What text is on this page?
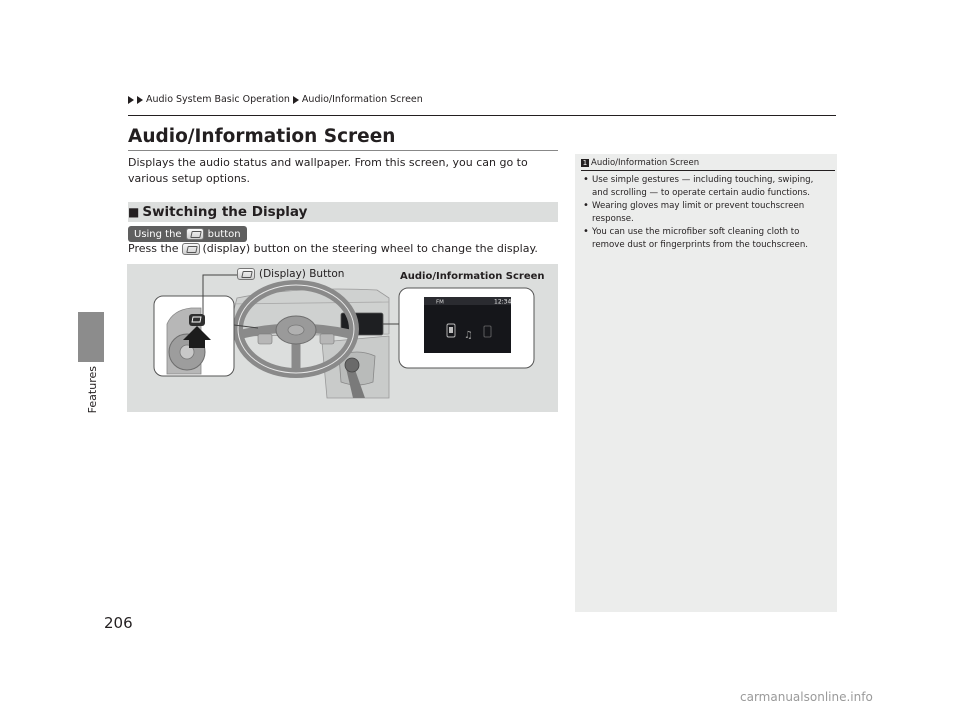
Features
Audio System Basic Operation Audio/Information Screen
Audio/Information Screen
Displays the audio status and wallpaper. From this screen, you can go to various setup options.
■ Switching the Display
Using the	button
Press the (display) button on the steering wheel to change the display.
FM	12:34
♫
(Display) Button	Audio/Information Screen
1 Audio/Information Screen
• Use simple gestures — including touching, swiping, and scrolling — to operate certain audio functions.
• Wearing gloves may limit or prevent touchscreen response.
• You can use the microfiber soft cleaning cloth to remove dust or fingerprints from the touchscreen.
206
carmanualsonline.info
